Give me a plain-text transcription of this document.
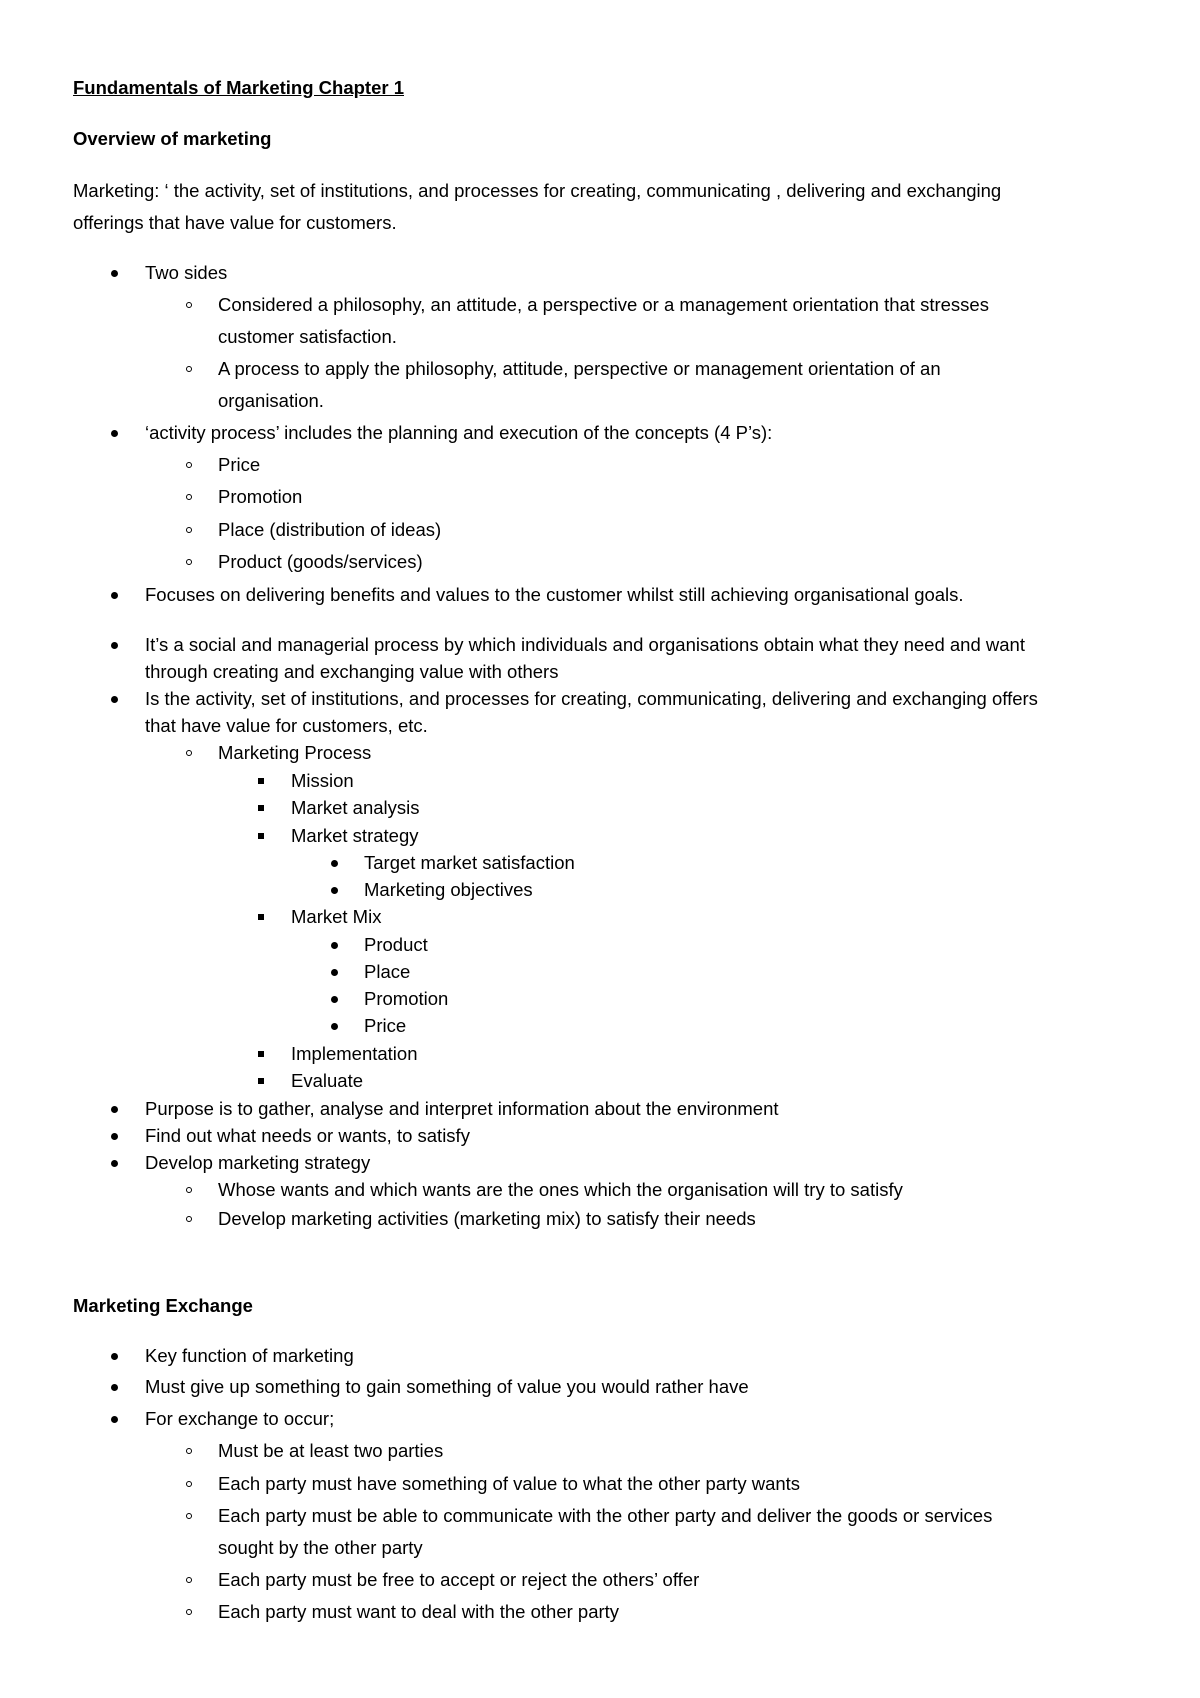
Fundamentals of Marketing Chapter 1
Overview of marketing
Marketing: ‘ the activity, set of institutions, and processes for creating, communicating , delivering and exchanging
offerings that have value for customers.
Two sides
Considered a philosophy, an attitude, a perspective or a management orientation that stresses
customer satisfaction.
A process to apply the philosophy, attitude, perspective or management orientation of an
organisation.
‘activity process’ includes the planning and execution of the concepts (4 P’s):
Price
Promotion
Place (distribution of ideas)
Product (goods/services)
Focuses on delivering benefits and values to the customer whilst still achieving organisational goals.
It’s a social and managerial process by which individuals and organisations obtain what they need and want
through creating and exchanging value with others
Is the activity, set of institutions, and processes for creating, communicating, delivering and exchanging offers
that have value for customers, etc.
Marketing Process
Mission
Market analysis
Market strategy
Target market satisfaction
Marketing objectives
Market Mix
Product
Place
Promotion
Price
Implementation
Evaluate
Purpose is to gather, analyse and interpret information about the environment
Find out what needs or wants, to satisfy
Develop marketing strategy
Whose wants and which wants are the ones which the organisation will try to satisfy
Develop marketing activities (marketing mix) to satisfy their needs
Marketing Exchange
Key function of marketing
Must give up something to gain something of value you would rather have
For exchange to occur;
Must be at least two parties
Each party must have something of value to what the other party wants
Each party must be able to communicate with the other party and deliver the goods or services
sought by the other party
Each party must be free to accept or reject the others’ offer
Each party must want to deal with the other party
